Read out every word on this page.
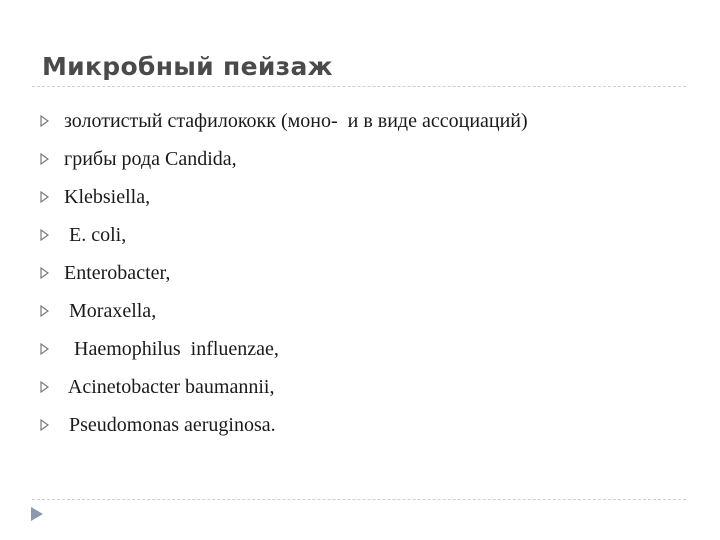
Микробный пейзаж
золотистый стафилококк (моно-  и в виде ассоциаций)
грибы рода Candida,
Klebsiella,
E. coli,
Enterobacter,
Moraxella,
Haemophilus  influenzae,
Acinetobacter baumannii,
Pseudomonas aeruginosa.
